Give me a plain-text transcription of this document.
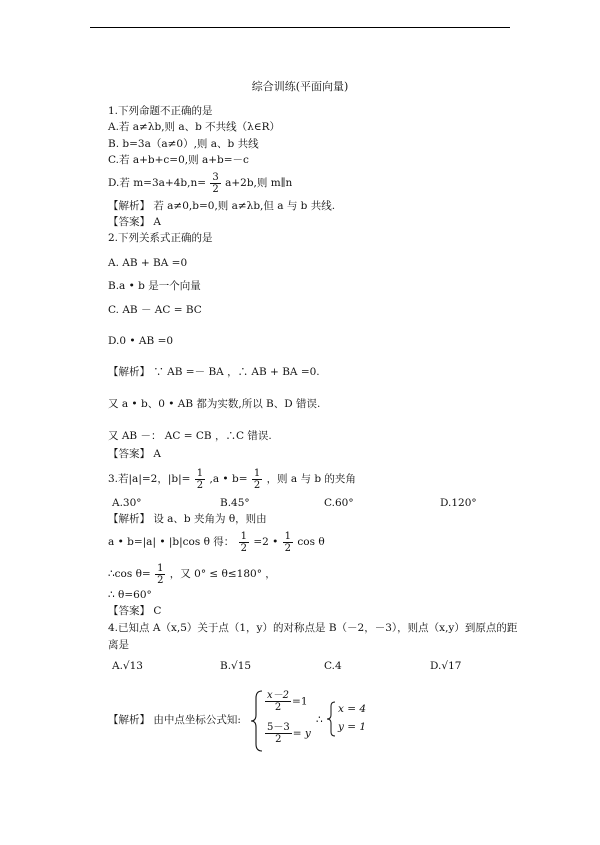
综合训练(平面向量)
1.下列命题不正确的是
A.若 a≠λb,则 a、b 不共线（λ∈R）
B. b=3a（a≠0）,则 a、b 共线
C.若 a+b+c=0,则 a+b=－c
D.若 $m=3a+4b,n= \frac{3}{2} a+2b$,则 m∥n
【解析】 若 a≠0,b=0,则 a≠λb,但 a 与 b 共线.
【答案】 A
2.下列关系式正确的是
A. AB + BA =0
B.a • b 是一个向量
C. AB － AC = BC
D.0 • AB =0
【解析】 ∵ AB =－ BA ，∴ AB + BA =0.
又 a • b、0 • AB 都为实数,所以 B、D 错误.
又 AB －： AC = CB ，∴C 错误.
【答案】 A
3.若|a|=2，$|b|= \frac{1}{2} ,a$ • $b= \frac{1}{2}$ ，则 a 与 b 的夹角
A.30°	B.45°	C.60°	D.120°
【解析】 设 a、b 夹角为 θ，则由
a • b=|a| • |b|cos θ 得： $\frac{1}{2} =2$ • $\frac{1}{2}$ cos θ
∴cos $\theta= \frac{1}{2}$ ，又 0° ≤ θ≤180° ，
∴ θ=60°
【答案】 C
4.已知点 A（x,5）关于点（1，y）的对称点是 B（－2，－3），则点（x,y）到原点的距
离是
A.√13	B.√15	C.4	D.√17
【解析】 由中点坐标公式知:
$\frac{x-2}{2} =1$
$\frac{5-3}{2} = y$
∴
x = 4
y = 1
